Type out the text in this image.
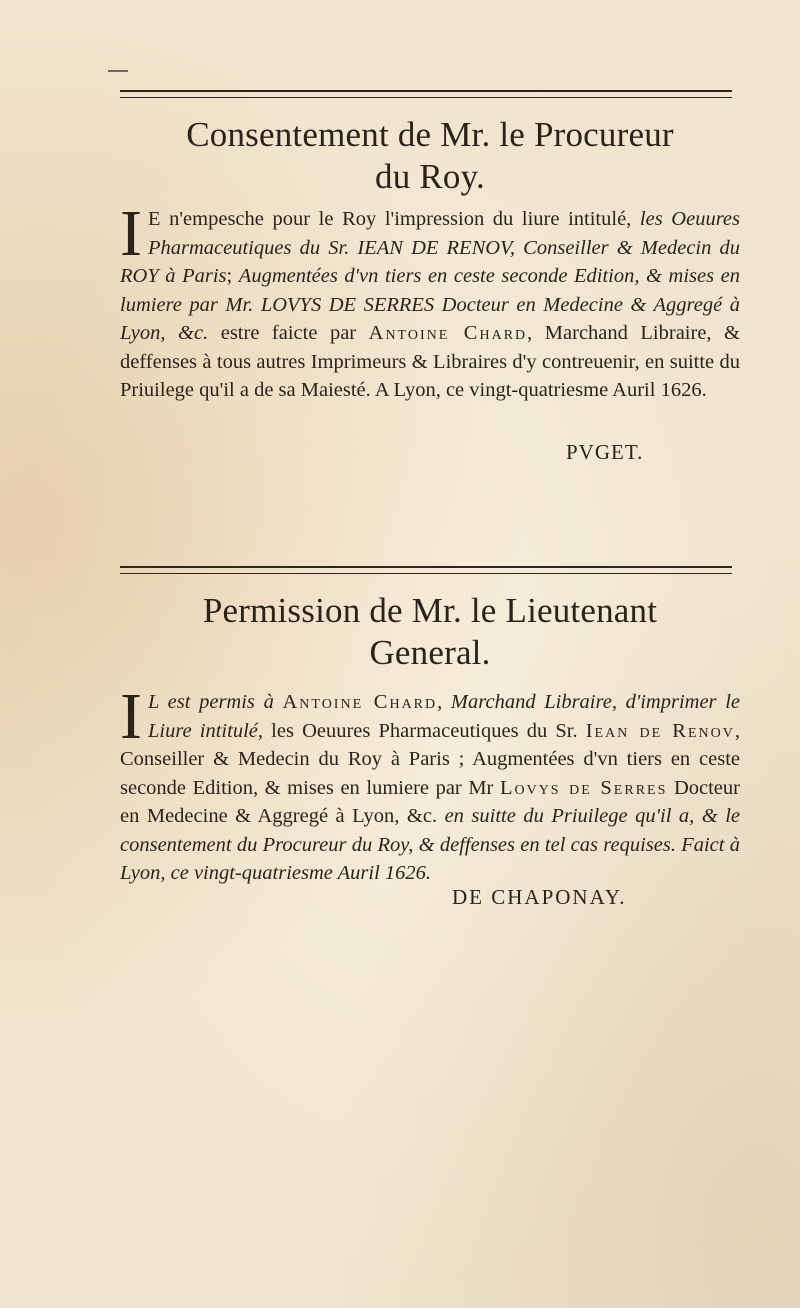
Consentement de Mr. le Procureur
du Roy.
I E n'empesche pour le Roy l'impression du liure intitulé, les Oeuures Pharmaceutiques du Sr. IEAN DE RENOV, Conseiller & Medecin du ROY à Paris; Augmentées d'vn tiers en ceste seconde Edition, & mises en lumiere par Mr. LOVYS DE SERRES Docteur en Medecine & Aggregé à Lyon, &c. estre faicte par Antoine Chard, Marchand Libraire, & deffenses à tous autres Imprimeurs & Libraires d'y contreuenir, en suitte du Priuilege qu'il a de sa Maiesté. A Lyon, ce vingt-quatriesme Auril 1626.
PVGET.
Permission de Mr. le Lieutenant
General.
I L est permis à Antoine Chard, Marchand Libraire, d'imprimer le Liure intitulé, les Oeuures Pharmaceutiques du Sr. Iean de Renov, Conseiller & Medecin du Roy à Paris ; Augmentées d'vn tiers en ceste seconde Edition, & mises en lumiere par Mr Lovys de Serres Docteur en Medecine & Aggregé à Lyon, &c. en suitte du Priuilege qu'il a, & le consentement du Procureur du Roy, & deffenses en tel cas requises. Faict à Lyon, ce vingt-quatriesme Auril 1626.
DE CHAPONAY.
